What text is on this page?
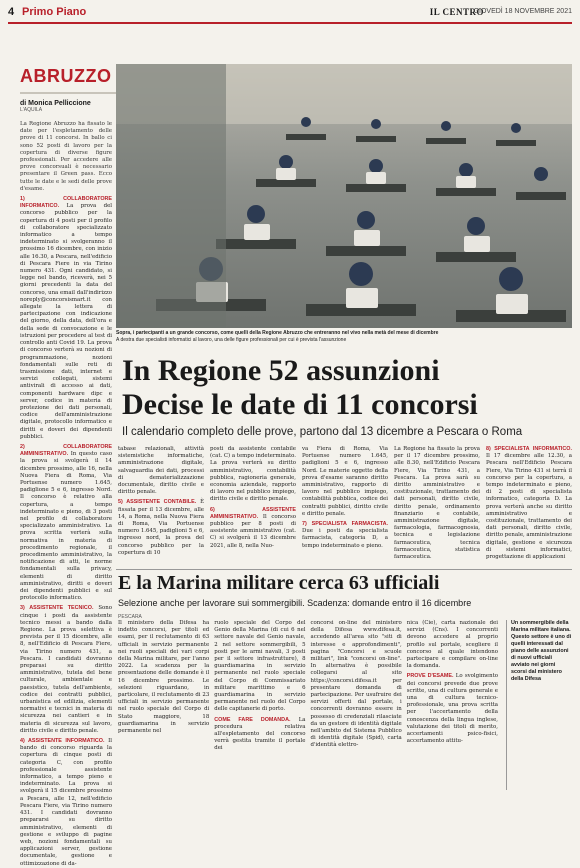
4 Primo Piano	IL CENTRO
GIOVEDÌ 18 NOVEMBRE 2021
ABRUZZO
di Monica Pelliccione
L'AQUILA

La Regione Abruzzo ha fissato le date per l'espletamento delle prove di 11 concorsi. In ballo ci sono 52 posti di lavoro per la copertura di diverse figure professionali. Per accedere alle prove concorsuali è necessario presentare il Green pass. Ecco tutte le date e le sedi delle prove d'esame.

1) COLLABORATORE INFORMATICO. La prova del concorso pubblico per la copertura di 4 posti per il profilo di collaboratore specializzato informatico a tempo indeterminato si svolgeranno il prossimo 16 dicembre, con inizio alle 16.30, a Pescara, nell'edificio di Pescara Fiere in via Tirino numero 431. Ogni candidato, si legge nel bando, riceverà, nei 5 giorni precedenti la data del concorso, una email dall'indirizzo noreply@concorsismart.it con allegate la lettera di partecipazione con indicazione del giorno, della data, dell'ora e della sede di convocazione e le istruzioni per procedere al test di controllo anti Covid 19. La prova di concorso verterà su nozioni di programmazione, nozioni fondamentali sulle reti di trasmissione dati, internet e servizi collegati, sistemi antivirali di accesso ai dati, componenti hardware dipc e server, codice in materia di protezione dei dati personali, codice dell'amministrazione digitale, protocollo informatico e diritti e doveri dei dipendenti pubblici.

2) COLLABORATORE AMMINISTRATIVO. In questo caso la prova si svolgerà il 14 dicembre prossimo, alle 16, nella Nuova Fiera di Roma, Via Portuense numero 1.645, padiglione 5 e 6, ingresso Nord. Il concorso è relativo alla copertura, a tempo indeterminato e pieno, di 3 posti nel profilo di collaboratore specializzato amministrativo. La prova scritta verterà sulla normativa in materia di procedimento regionale, il procedimento amministrativo, la notificazione di atti, le norme fondamentali sulla privacy, elementi di diritto amministrativo, diritti e doveri dei dipendenti pubblici e sul protocollo informatico.

3) ASSISTENTE TECNICO. Sono cinque i posti da assistente tecnico messi a bando dalla Regione. La prova selettiva è prevista per il 15 dicembre, alle 8, nell'Edificio di Pescara Fiere, via Tirino numero 431, a Pescara. I candidati dovranno preparasi su diritto amministrativo, tutela del bene culturale, ambientale e paesistico, tutela dell'ambiente, codice dei contratti pubblici, urbanistica ed edilizia, elementi normativi e tecnici in materia di sicurezza nei cantieri e in materia di sicurezza sul lavoro, diritto civile e diritto penale.

4) ASSISTENTE INFORMATICO. Il bando di concorso riguarda la copertura di cinque posti di categoria C, con profilo professionale assistente informatico, a tempo pieno e indeterminato. La prova si svolgerà il 15 dicembre prossimo a Pescara, alle 12, nell'edificio Pescara Fiere, via Tirino numero 431. I candidati dovranno prepararsi su diritto amministrativo, elementi di gestione e sviluppo di pagine web, nozioni fondamentali su applicazioni server, gestione documentale, gestione e ottimizzazione di da-

Sopra, i partecipanti a un grande concorso, come quelli della Regione Abruzzo che entreranno nel vivo nella metà del mese di dicembre
A destra due specialisti informatici al lavoro, una delle figure professionali per cui è prevista l'assunzione
In Regione 52 assunzioni
Decise le date di 11 concorsi
Il calendario completo delle prove, partono dal 13 dicembre a Pescara o Roma

tabase relazionali, attività sistemistiche informatiche, amministrazione digitale, salvaguardia dei dati, processi di dematerializzazione documentale, diritto civile e diritto penale.

5) ASSISTENTE CONTABILE. È fissata per il 13 dicembre, alle 14, a Roma, nella Nuova Fiera di Roma, Via Portuense numero 1.645, padiglioni 5 e 6, ingresso nord, la prova del concorso pubblico per la copertura di 10

posti da assistente contabile (cat. C) a tempo indeterminato. La prova verterà su diritto amministrativo, contabilità pubblica, ragioneria generale, economia aziendale, rapporto di lavoro nel pubblico impiego, diritto civile e diritto penale.

6) ASSISTENTE AMMINISTRATIVO. Il concorso pubblico per 8 posti di assistente amministrativo (cat. C) si svolgerà il 13 dicembre 2021, alle 8, nella Nuo-

va Fiera di Roma, Via Portuense numero 1.645, padiglioni 5 e 6, ingresso Nord. Le materie oggetto della prova d'esame saranno diritto amministrativo, rapporto di lavoro nel pubblico impiego, contabilità pubblica, codice dei contratti pubblici, diritto civile e diritto penale.

7) SPECIALISTA FARMACISTA. Due i posti da specialista farmacista, categoria D, a tempo indeterminato e pieno.

La Regione ha fissato la prova per il 17 dicembre prossimo, alle 8.30, nell'Edificio Pescara Fiere, Via Tirino 431, a Pescara. La prova sarà su diritto amministrativo e costituzionale, trattamento dei dati personali, diritto civile, diritto penale, ordinamento finanziario e contabile, amministrazione digitale, farmacologia, farmacognosia, tecnica e legislazione farmaceutica, tecnica farmaceutica, statistica farmaceutica.

8) SPECIALISTA INFORMATICO. Il 17 dicembre alle 12.30, a Pescara nell'Edificio Pescara Fiere, Via Tirino 431 si terrà il concorso per la copertura, a tempo indeterminato e pieno, di 2 posti di specialista informatico, categoria D. La prova verterà anche su diritto amministrativo e costituzionale, trattamento dei dati personali, diritto civile, diritto penale, amministrazione digitale, gestione e sicurezza di sistemi informatici, progettazione di applicazioni

E la Marina militare cerca 63 ufficiali
Selezione anche per lavorare sui sommergibili. Scadenza: domande entro il 16 dicembre
PESCARA

Il ministero della Difesa ha indetto concorsi, per titoli ed esami, per il reclutamento di 63 ufficiali in servizio permanente nei ruoli speciali dei vari corpi della Marina militare, per l'anno 2022. La scadenza per la presentazione delle domande è il 16 dicembre prossimo. Le selezioni riguardano, in particolare, il reclutamento di 23 ufficiali in servizio permanente nel ruolo speciale del Corpo di Stato maggiore, 18 guardiamarina in servizio permanente nel

ruolo speciale del Corpo del Genio della Marina (di cui 6 nel settore navale del Genio navale, 2 nel settore sommergibili, 5 posti per le armi navali, 3 posti per il settore infrastrutture), 8 guardiamarina in servizio permanente nel ruolo speciale del Corpo di Commissariato militare marittimo e 6 guardiamarina in servizio permanente nel ruolo del Corpo delle capitanerie di porto.

COME FARE DOMANDA. La procedura relativa all'espletamento del concorso verrà gestita tramite il portale dei

concorsi on-line del ministero della Difesa www.difesa.it, accedendo all'area sito "siti di interesse e approfondimenti", pagina "Concorsi e scuole militari", link "concorsi on-line". In alternativa è possibile collegarsi al sito https://concorsi.difesa.it per presentare domanda di partecipazione. Per usufruire dei servizi offerti dal portale, i concorrenti dovranno essere in possesso di credenziali rilasciate da un gestore di identità digitale nell'ambito del Sistema Pubblico di identità digitale (Spid), carta d'identità elettro-

nica (Cie), carta nazionale dei servizi (Cns). I concorrenti devono accedere al proprio profilo sul portale, scegliere il concorso al quale intendono partecipare e compilare on-line la domanda.

PROVE D'ESAME. Lo svolgimento dei concorsi prevede due prove scritte, una di cultura generale e una di cultura tecnico-professionale, una prova scritta per l'accertamento della conoscenza della lingua inglese, valutazione dei titoli di merito, accertamenti psico-fisici, accertamento attitu-

Un sommergibile della Marina militare italiana. Questo settore è uno di quelli interessati dal piano delle assunzioni di nuovi ufficiali avviato nei giorni scorsi dal ministero della Difesa
